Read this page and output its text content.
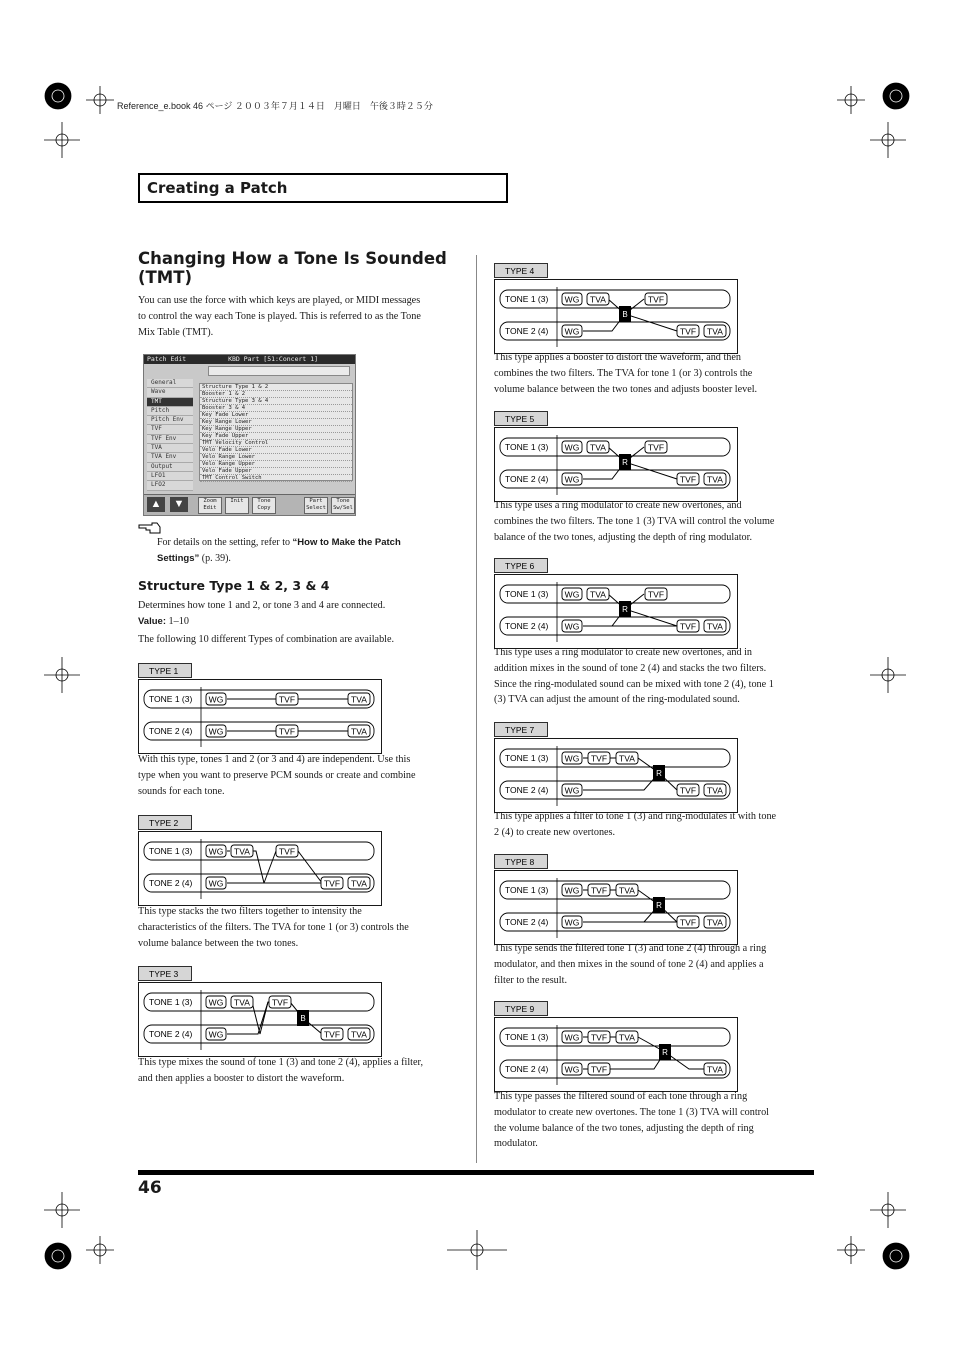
Reference_e.book 46 ページ ２００３年７月１４日　月曜日　午後３時２５分
Creating a Patch
Changing How a Tone Is Sounded
(TMT)
You can use the force with which keys are played, or MIDI messages
to control the way each Tone is played. This is referred to as the Tone
Mix Table (TMT).
Patch Edit	KBD Part [51:Concert 1]
General
Wave
TMT
Pitch
Pitch Env
TVF
TVF Env
TVA
TVA Env
Output
LFO1
LFO2
Structure Type 1 & 2
Booster 1 & 2
Structure Type 3 & 4
Booster 3 & 4
Key Fade Lower
Key Range Lower
Key Range Upper
Key Fade Upper
TMT Velocity Control
Velo Fade Lower
Velo Range Lower
Velo Range Upper
Velo Fade Upper
TMT Control Switch
▲	▼	Zoom Edit
Init	Tone Copy
Part Select
Tone Sw/Sel
For details on the setting, refer to “How to Make the Patch
Settings” (p. 39).
Structure Type 1 & 2, 3 & 4
Determines how tone 1 and 2, or tone 3 and 4 are connected.
Value: 1–10
The following 10 different Types of combination are available.
TYPE 1
TONE 1 (3)
TONE 2 (4)
WG	TVF	TVA
WG	TVF	TVA
TYPE 2
TONE 1 (3)
TONE 2 (4)
WG TVA	TVF
WG	TVF TVA
TYPE 3
TONE 1 (3)
TONE 2 (4)
WG TVA	TVF
WG	TVF TVA
B
TYPE 4
TONE 1 (3)
TONE 2 (4)
WG TVA	TVF
WG	TVF TVA
B
TYPE 5
TONE 1 (3)
TONE 2 (4)
WG TVA	TVF
WG	TVF TVA
R
TYPE 6
TONE 1 (3)
TONE 2 (4)
WG TVA	TVF
WG	TVF TVA
R
TYPE 7
TONE 1 (3)
TONE 2 (4)
WG TVF TVA
WG	TVF TVA
R
TYPE 8
TONE 1 (3)
TONE 2 (4)
WG TVF TVA
WG	TVF TVA
R
TYPE 9
TONE 1 (3)
TONE 2 (4)
WG TVF TVA
WG TVF	TVA
R
With this type, tones 1 and 2 (or 3 and 4) are independent. Use this
type when you want to preserve PCM sounds or create and combine
sounds for each tone.
This type stacks the two filters together to intensity the
characteristics of the filters. The TVA for tone 1 (or 3) controls the
volume balance between the two tones.
This type mixes the sound of tone 1 (3) and tone 2 (4), applies a filter,
and then applies a booster to distort the waveform.
This type applies a booster to distort the waveform, and then
combines the two filters. The TVA for tone 1 (or 3) controls the
volume balance between the two tones and adjusts booster level.
This type uses a ring modulator to create new overtones, and
combines the two filters. The tone 1 (3) TVA will control the volume
balance of the two tones, adjusting the depth of ring modulator.
This type uses a ring modulator to create new overtones, and in
addition mixes in the sound of tone 2 (4) and stacks the two filters.
Since the ring-modulated sound can be mixed with tone 2 (4), tone 1
(3) TVA can adjust the amount of the ring-modulated sound.
This type applies a filter to tone 1 (3) and ring-modulates it with tone
2 (4) to create new overtones.
This type sends the filtered tone 1 (3) and tone 2 (4) through a ring
modulator, and then mixes in the sound of tone 2 (4) and applies a
filter to the result.
This type passes the filtered sound of each tone through a ring
modulator to create new overtones. The tone 1 (3) TVA will control
the volume balance of the two tones, adjusting the depth of ring
modulator.
46
